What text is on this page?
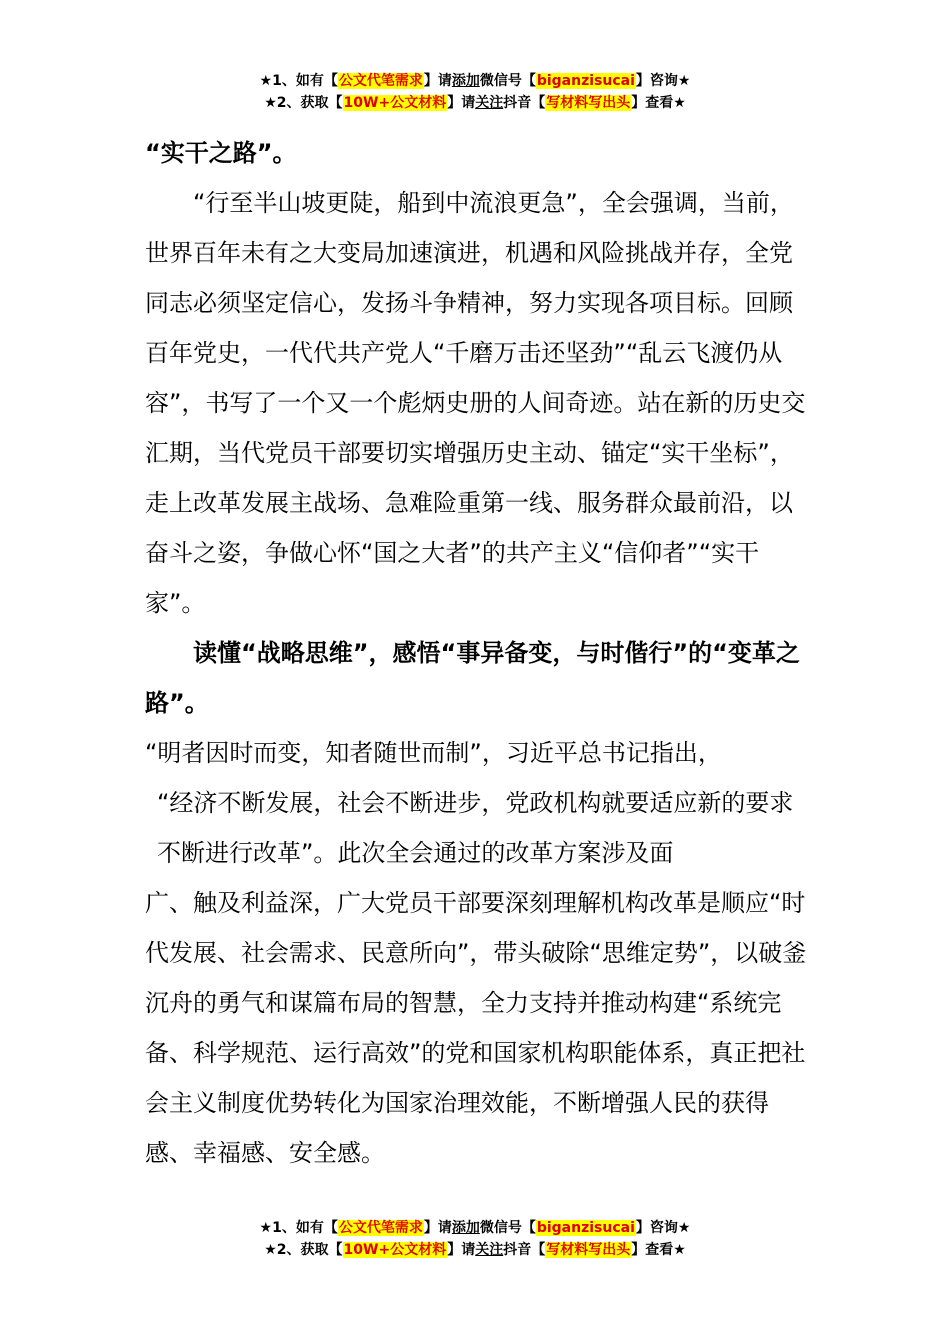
★1、如有【公文代笔需求】请添加微信号【biganzisucai】咨询★
★2、获取【10W+公文材料】请关注抖音【写材料写出头】查看★

“实干之路”。

“行至半山坡更陡，船到中流浪更急”，全会强调，当前，世界百年未有之大变局加速演进，机遇和风险挑战并存，全党同志必须坚定信心，发扬斗争精神，努力实现各项目标。回顾百年党史，一代代共产党人“千磨万击还坚劲”“乱云飞渡仍从容”，书写了一个又一个彪炳史册的人间奇迹。站在新的历史交汇期，当代党员干部要切实增强历史主动、锚定“实干坐标”，走上改革发展主战场、急难险重第一线、服务群众最前沿，以奋斗之姿，争做心怀“国之大者”的共产主义“信仰者”“实干家”。

读懂“战略思维”，感悟“事异备变，与时偕行”的“变革之路”。

“明者因时而变，知者随世而制”，习近平总书记指出，

“经济不断发展，社会不断进步，党政机构就要适应新的要求不断进行改革”。此次全会通过的改革方案涉及面

广、触及利益深，广大党员干部要深刻理解机构改革是顺应“时代发展、社会需求、民意所向”，带头破除“思维定势”，以破釜沉舟的勇气和谋篇布局的智慧，全力支持并推动构建“系统完备、科学规范、运行高效”的党和国家机构职能体系，真正把社会主义制度优势转化为国家治理效能，不断增强人民的获得感、幸福感、安全感。

★1、如有【公文代笔需求】请添加微信号【biganzisucai】咨询★
★2、获取【10W+公文材料】请关注抖音【写材料写出头】查看★
